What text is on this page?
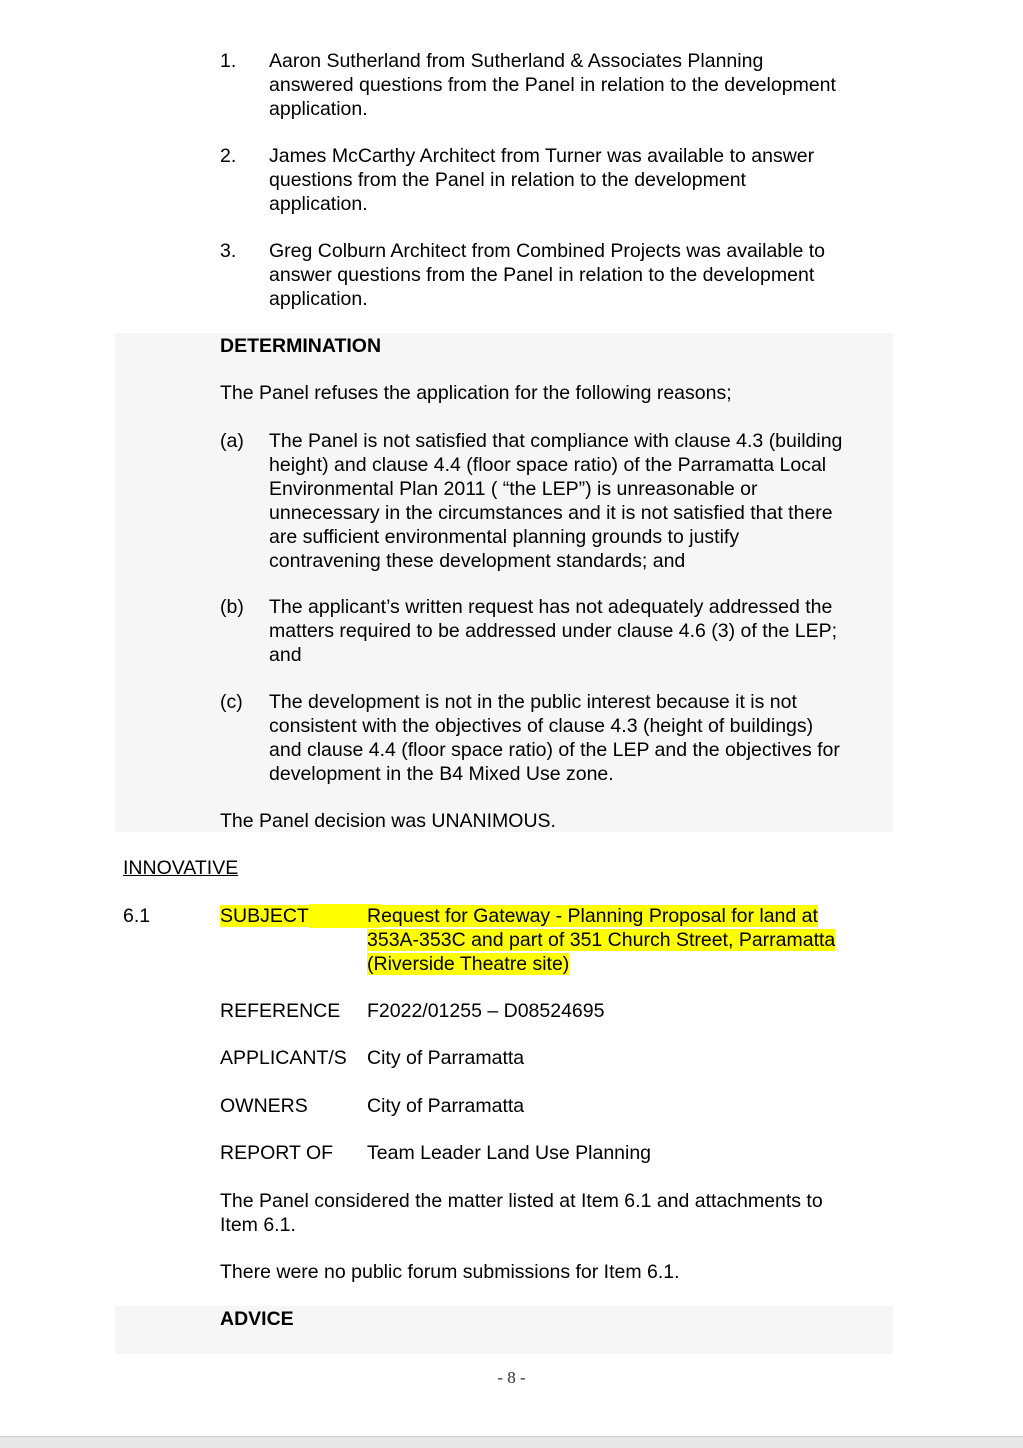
1. Aaron Sutherland from Sutherland & Associates Planning
answered questions from the Panel in relation to the development
application.
2. James McCarthy Architect from Turner was available to answer
questions from the Panel in relation to the development
application.
3. Greg Colburn Architect from Combined Projects was available to
answer questions from the Panel in relation to the development
application.
DETERMINATION
The Panel refuses the application for the following reasons;
(a) The Panel is not satisfied that compliance with clause 4.3 (building
height) and clause 4.4 (floor space ratio) of the Parramatta Local
Environmental Plan 2011 ( “the LEP”) is unreasonable or
unnecessary in the circumstances and it is not satisfied that there
are sufficient environmental planning grounds to justify
contravening these development standards; and
(b) The applicant’s written request has not adequately addressed the
matters required to be addressed under clause 4.6 (3) of the LEP;
and
(c) The development is not in the public interest because it is not
consistent with the objectives of clause 4.3 (height of buildings)
and clause 4.4 (floor space ratio) of the LEP and the objectives for
development in the B4 Mixed Use zone.
The Panel decision was UNANIMOUS.
INNOVATIVE
6.1	SUBJECT	Request for Gateway - Planning Proposal for land at
353A-353C and part of 351 Church Street, Parramatta
(Riverside Theatre site)
REFERENCE F2022/01255 – D08524695
APPLICANT/S City of Parramatta
OWNERS	City of Parramatta
REPORT OF Team Leader Land Use Planning
The Panel considered the matter listed at Item 6.1 and attachments to
Item 6.1.
There were no public forum submissions for Item 6.1.
ADVICE
- 8 -
